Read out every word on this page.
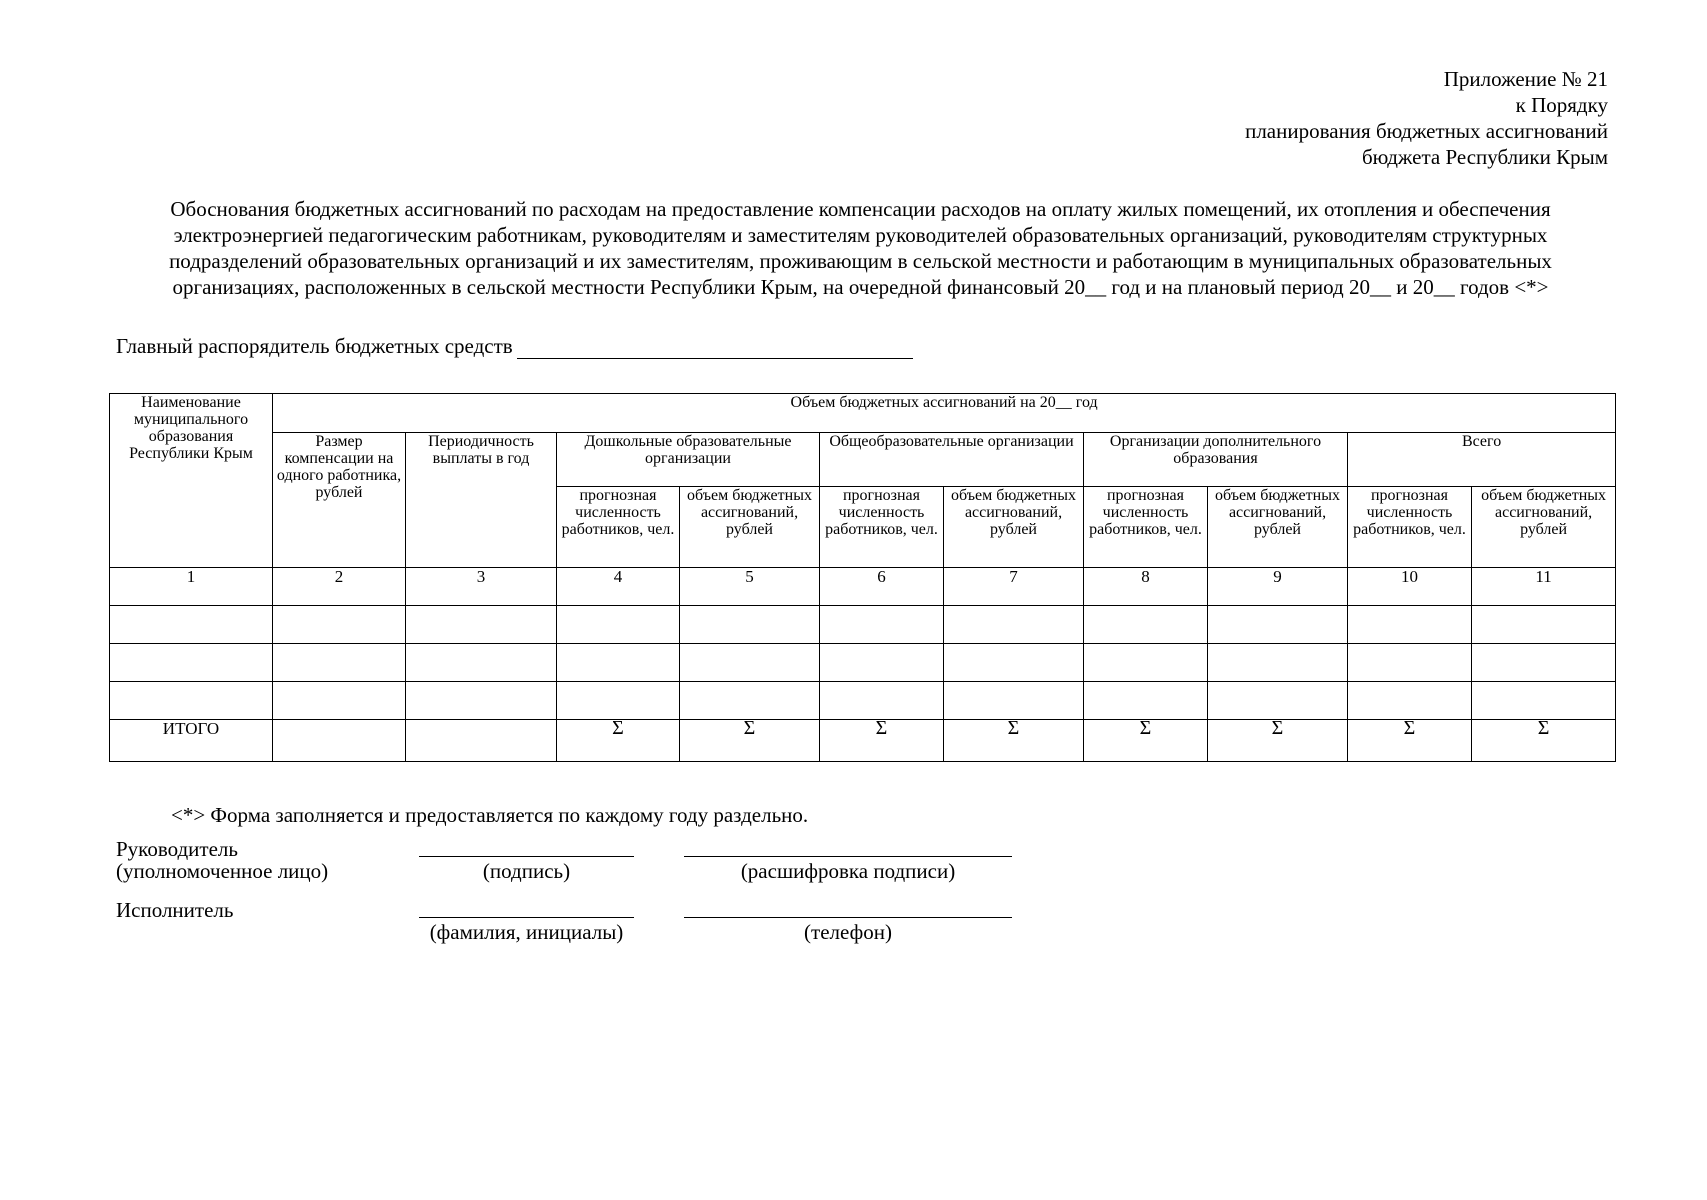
Приложение № 21
к Порядку
планирования бюджетных ассигнований
бюджета Республики Крым
Обоснования бюджетных ассигнований по расходам на предоставление компенсации расходов на оплату жилых помещений, их отопления и обеспечения
электроэнергией педагогическим работникам, руководителям и заместителям руководителей образовательных организаций, руководителям структурных
подразделений образовательных организаций и их заместителям, проживающим в сельской местности и работающим в муниципальных образовательных
организациях, расположенных в сельской местности Республики Крым, на очередной финансовый 20__ год и на плановый период 20__ и 20__ годов <*>
Главный распорядитель бюджетных средств
Наименование муниципального образования Республики Крым	Объем бюджетных ассигнований на 20__ год									
	Размер компенсации на одного работника, рублей	Периодичность выплаты в год	Дошкольные образовательные организации		Общеобразовательные организации		Организации дополнительного образования		Всего	
			прогнозная численность работников, чел.	объем бюджетных ассигнований, рублей	прогнозная численность работников, чел.	объем бюджетных ассигнований, рублей	прогнозная численность работников, чел.	объем бюджетных ассигнований, рублей	прогнозная численность работников, чел.	объем бюджетных ассигнований, рублей
1	2	3	4	5	6	7	8	9	10	11

ИТОГО			Σ	Σ	Σ	Σ	Σ	Σ	Σ	Σ
<*> Форма заполняется и предоставляется по каждому году раздельно.
Руководитель
(уполномоченное лицо)	(подпись)	(расшифровка подписи)
Исполнитель
(фамилия, инициалы)	(телефон)
